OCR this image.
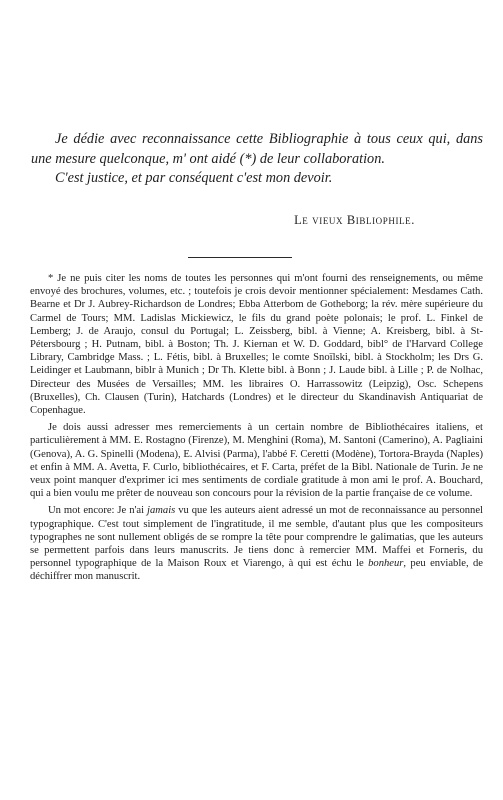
Je dédie avec reconnaissance cette Bibliographie à tous ceux qui, dans une mesure quelconque, m' ont aidé (*) de leur collaboration.

C'est justice, et par conséquent c'est mon devoir.

Le vieux Bibliophile.

* Je ne puis citer les noms de toutes les personnes qui m'ont fourni des renseignements, ou même envoyé des brochures, volumes, etc. ; toutefois je crois devoir mentionner spécialement: Mesdames Cath. Bearne et Dr J. Aubrey-Richardson de Londres; Ebba Atterbom de Gotheborg; la rév. mère supérieure du Carmel de Tours; MM. Ladislas Mickiewicz, le fils du grand poète polonais; le prof. L. Finkel de Lemberg; J. de Araujo, consul du Portugal; L. Zeissberg, bibl. à Vienne; A. Kreisberg, bibl. à St-Pétersbourg ; H. Putnam, bibl. à Boston; Th. J. Kiernan et W. D. Goddard, bibl° de l'Harvard College Library, Cambridge Mass. ; L. Fétis, bibl. à Bruxelles; le comte Snoïlski, bibl. à Stockholm; les Drs G. Leidinger et Laubmann, biblr à Munich ; Dr Th. Klette bibl. à Bonn ; J. Laude bibl. à Lille ; P. de Nolhac, Directeur des Musées de Versailles; MM. les libraires O. Harrassowitz (Leipzig), Osc. Schepens (Bruxelles), Ch. Clausen (Turin), Hatchards (Londres) et le directeur du Skandinavish Antiquariat de Copenhague.

Je dois aussi adresser mes remerciements à un certain nombre de Bibliothécaires italiens, et particulièrement à MM. E. Rostagno (Firenze), M. Menghini (Roma), M. Santoni (Camerino), A. Pagliaini (Genova), A. G. Spinelli (Modena), E. Alvisi (Parma), l'abbé F. Ceretti (Modène), Tortora-Brayda (Naples) et enfin à MM. A. Avetta, F. Curlo, bibliothécaires, et F. Carta, préfet de la Bibl. Nationale de Turin. Je ne veux point manquer d'exprimer ici mes sentiments de cordiale gratitude à mon ami le prof. A. Bouchard, qui a bien voulu me prêter de nouveau son concours pour la révision de la partie française de ce volume.

Un mot encore: Je n'ai jamais vu que les auteurs aient adressé un mot de reconnaissance au personnel typographique. C'est tout simplement de l'ingratitude, il me semble, d'autant plus que les compositeurs typographes ne sont nullement obligés de se rompre la tête pour comprendre le galimatias, que les auteurs se permettent parfois dans leurs manuscrits. Je tiens donc à remercier MM. Maffei et Forneris, du personnel typographique de la Maison Roux et Viarengo, à qui est échu le bonheur, peu enviable, de déchiffrer mon manuscrit.
